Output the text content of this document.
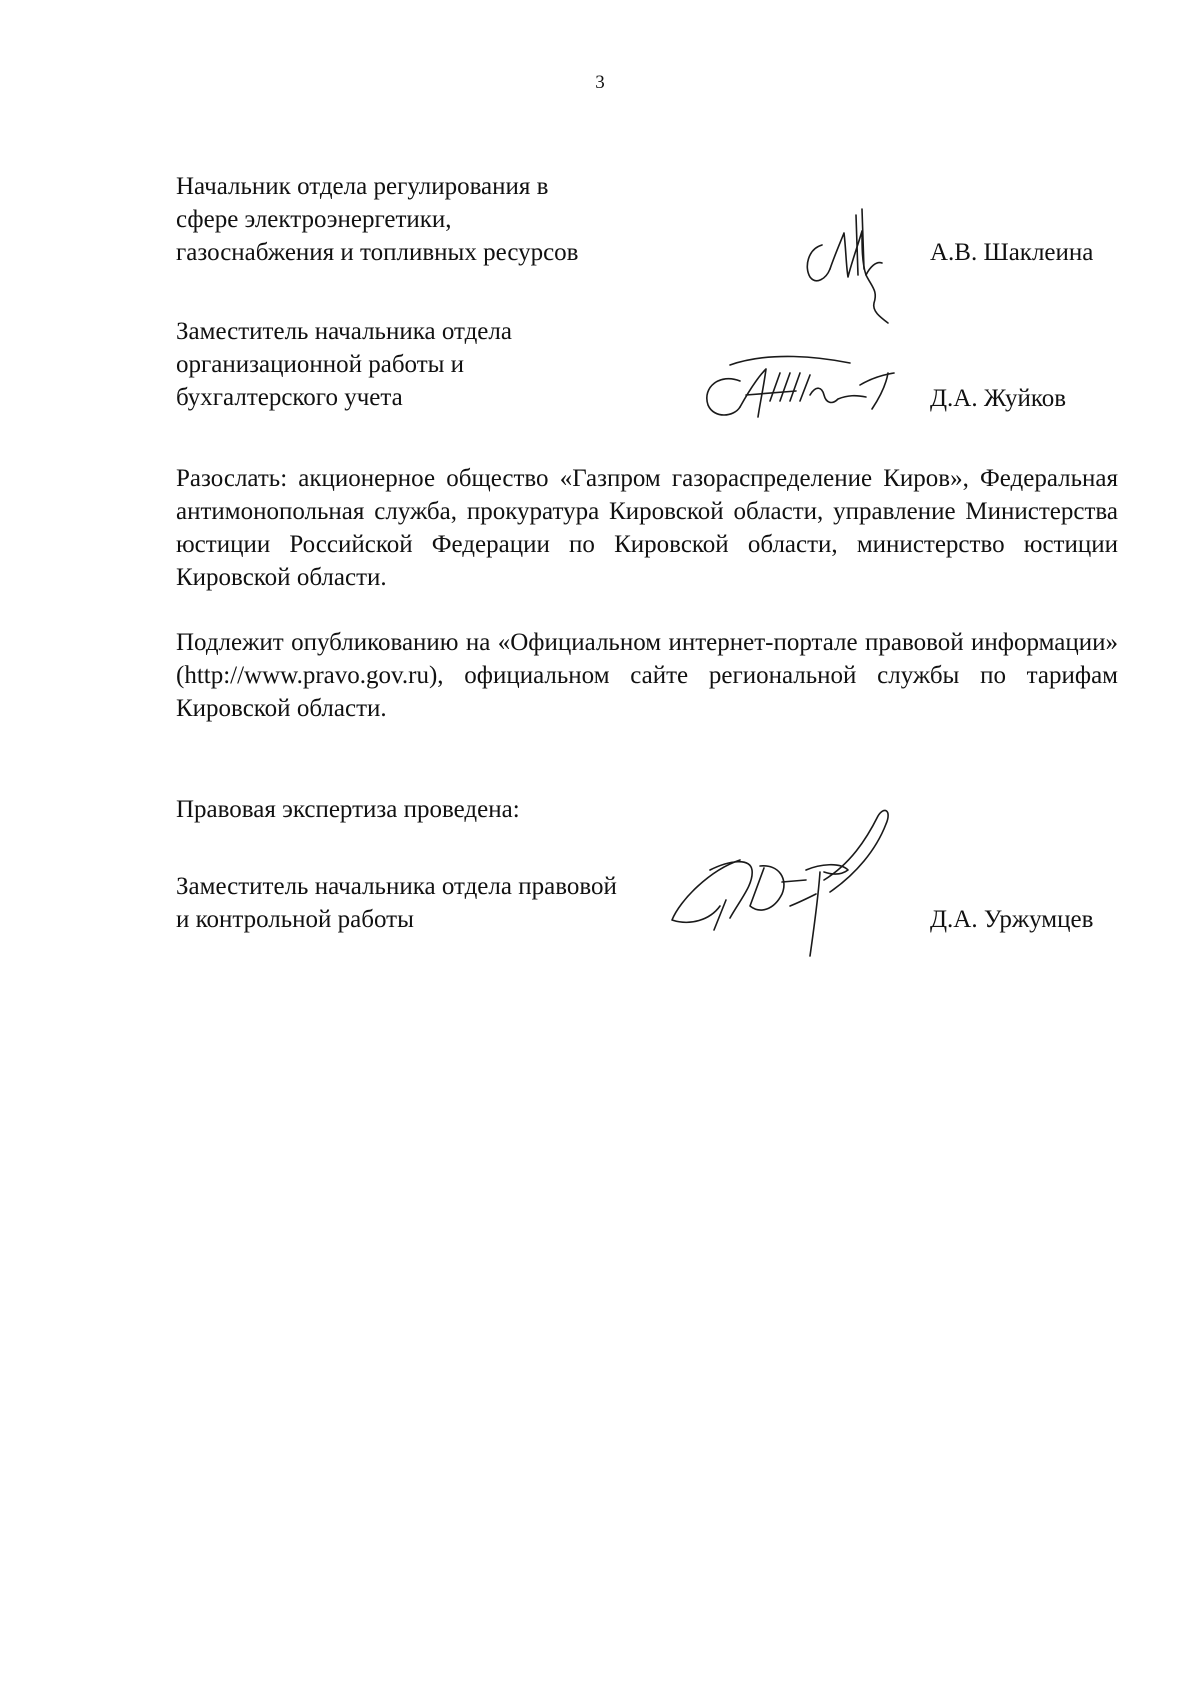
3
Начальник отдела регулирования в
сфере электроэнергетики,
газоснабжения и топливных ресурсов	А.В. Шаклеина
Заместитель начальника отдела
организационной работы и
бухгалтерского учета	Д.А. Жуйков

Разослать: акционерное общество «Газпром газораспределение Киров», Федеральная антимонопольная служба, прокуратура Кировской области, управление Министерства юстиции Российской Федерации по Кировской области, министерство юстиции Кировской области.

Подлежит опубликованию на «Официальном интернет-портале правовой информации» (http://www.pravo.gov.ru), официальном сайте региональной службы по тарифам Кировской области.

Правовая экспертиза проведена:
Заместитель начальника отдела правовой
и контрольной работы	Д.А. Уржумцев
